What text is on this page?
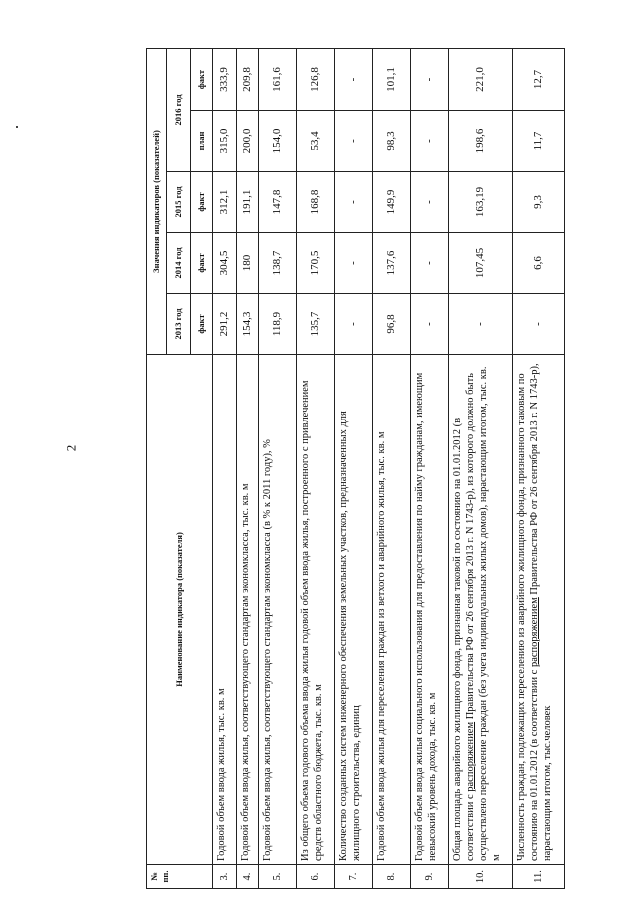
2
№ пп.	Наименование индикатора (показателя)	Значения индикаторов (показателей)				
		2013 год	2014 год	2015 год	2016 год	
		факт	факт	факт	план	факт
3.	Годовой объем ввода жилья, тыс. кв. м	291,2	304,5	312,1	315,0	333,9
4.	Годовой объем ввода жилья, соответствующего стандартам экономкласса, тыс. кв. м	154,3	180	191,1	200,0	209,8
5.	Годовой объем ввода жилья, соответствующего стандартам экономкласса (в % к 2011 году), %	118,9	138,7	147,8	154,0	161,6
6.	Из общего объема годового объема ввода жилья годовой объем ввода жилья, построенного с привлечением средств областного бюджета, тыс. кв. м	135,7	170,5	168,8	53,4	126,8
7.	Количество созданных систем инженерного обеспечения земельных участков, предназначенных для жилищного строительства, единиц	-	-	-	-	-
8.	Годовой объем ввода жилья для переселения граждан из ветхого и аварийного жилья, тыс. кв. м	96,8	137,6	149,9	98,3	101,1
9.	Годовой объем ввода жилья социального использования для предоставления по найму гражданам, имеющим невысокий уровень дохода, тыс. кв. м	-	-	-	-	-
10.	Общая площадь аварийного жилищного фонда, признанная таковой по состоянию на 01.01.2012 (в соответствии с распоряжением Правительства РФ от 26 сентября 2013 г. N 1743-р), из которого должно быть осуществлено переселение граждан (без учета индивидуальных жилых домов), нарастающим итогом, тыс. кв. м	-	107,45	163,19	198,6	221,0
11.	Численность граждан, подлежащих переселению из аварийного жилищного фонда, признанного таковым по состоянию на 01.01.2012 (в соответствии с распоряжением Правительства РФ от 26 сентября 2013 г. N 1743-р), нарастающим итогом, тыс.человек	-	6,6	9,3	11,7	12,7
